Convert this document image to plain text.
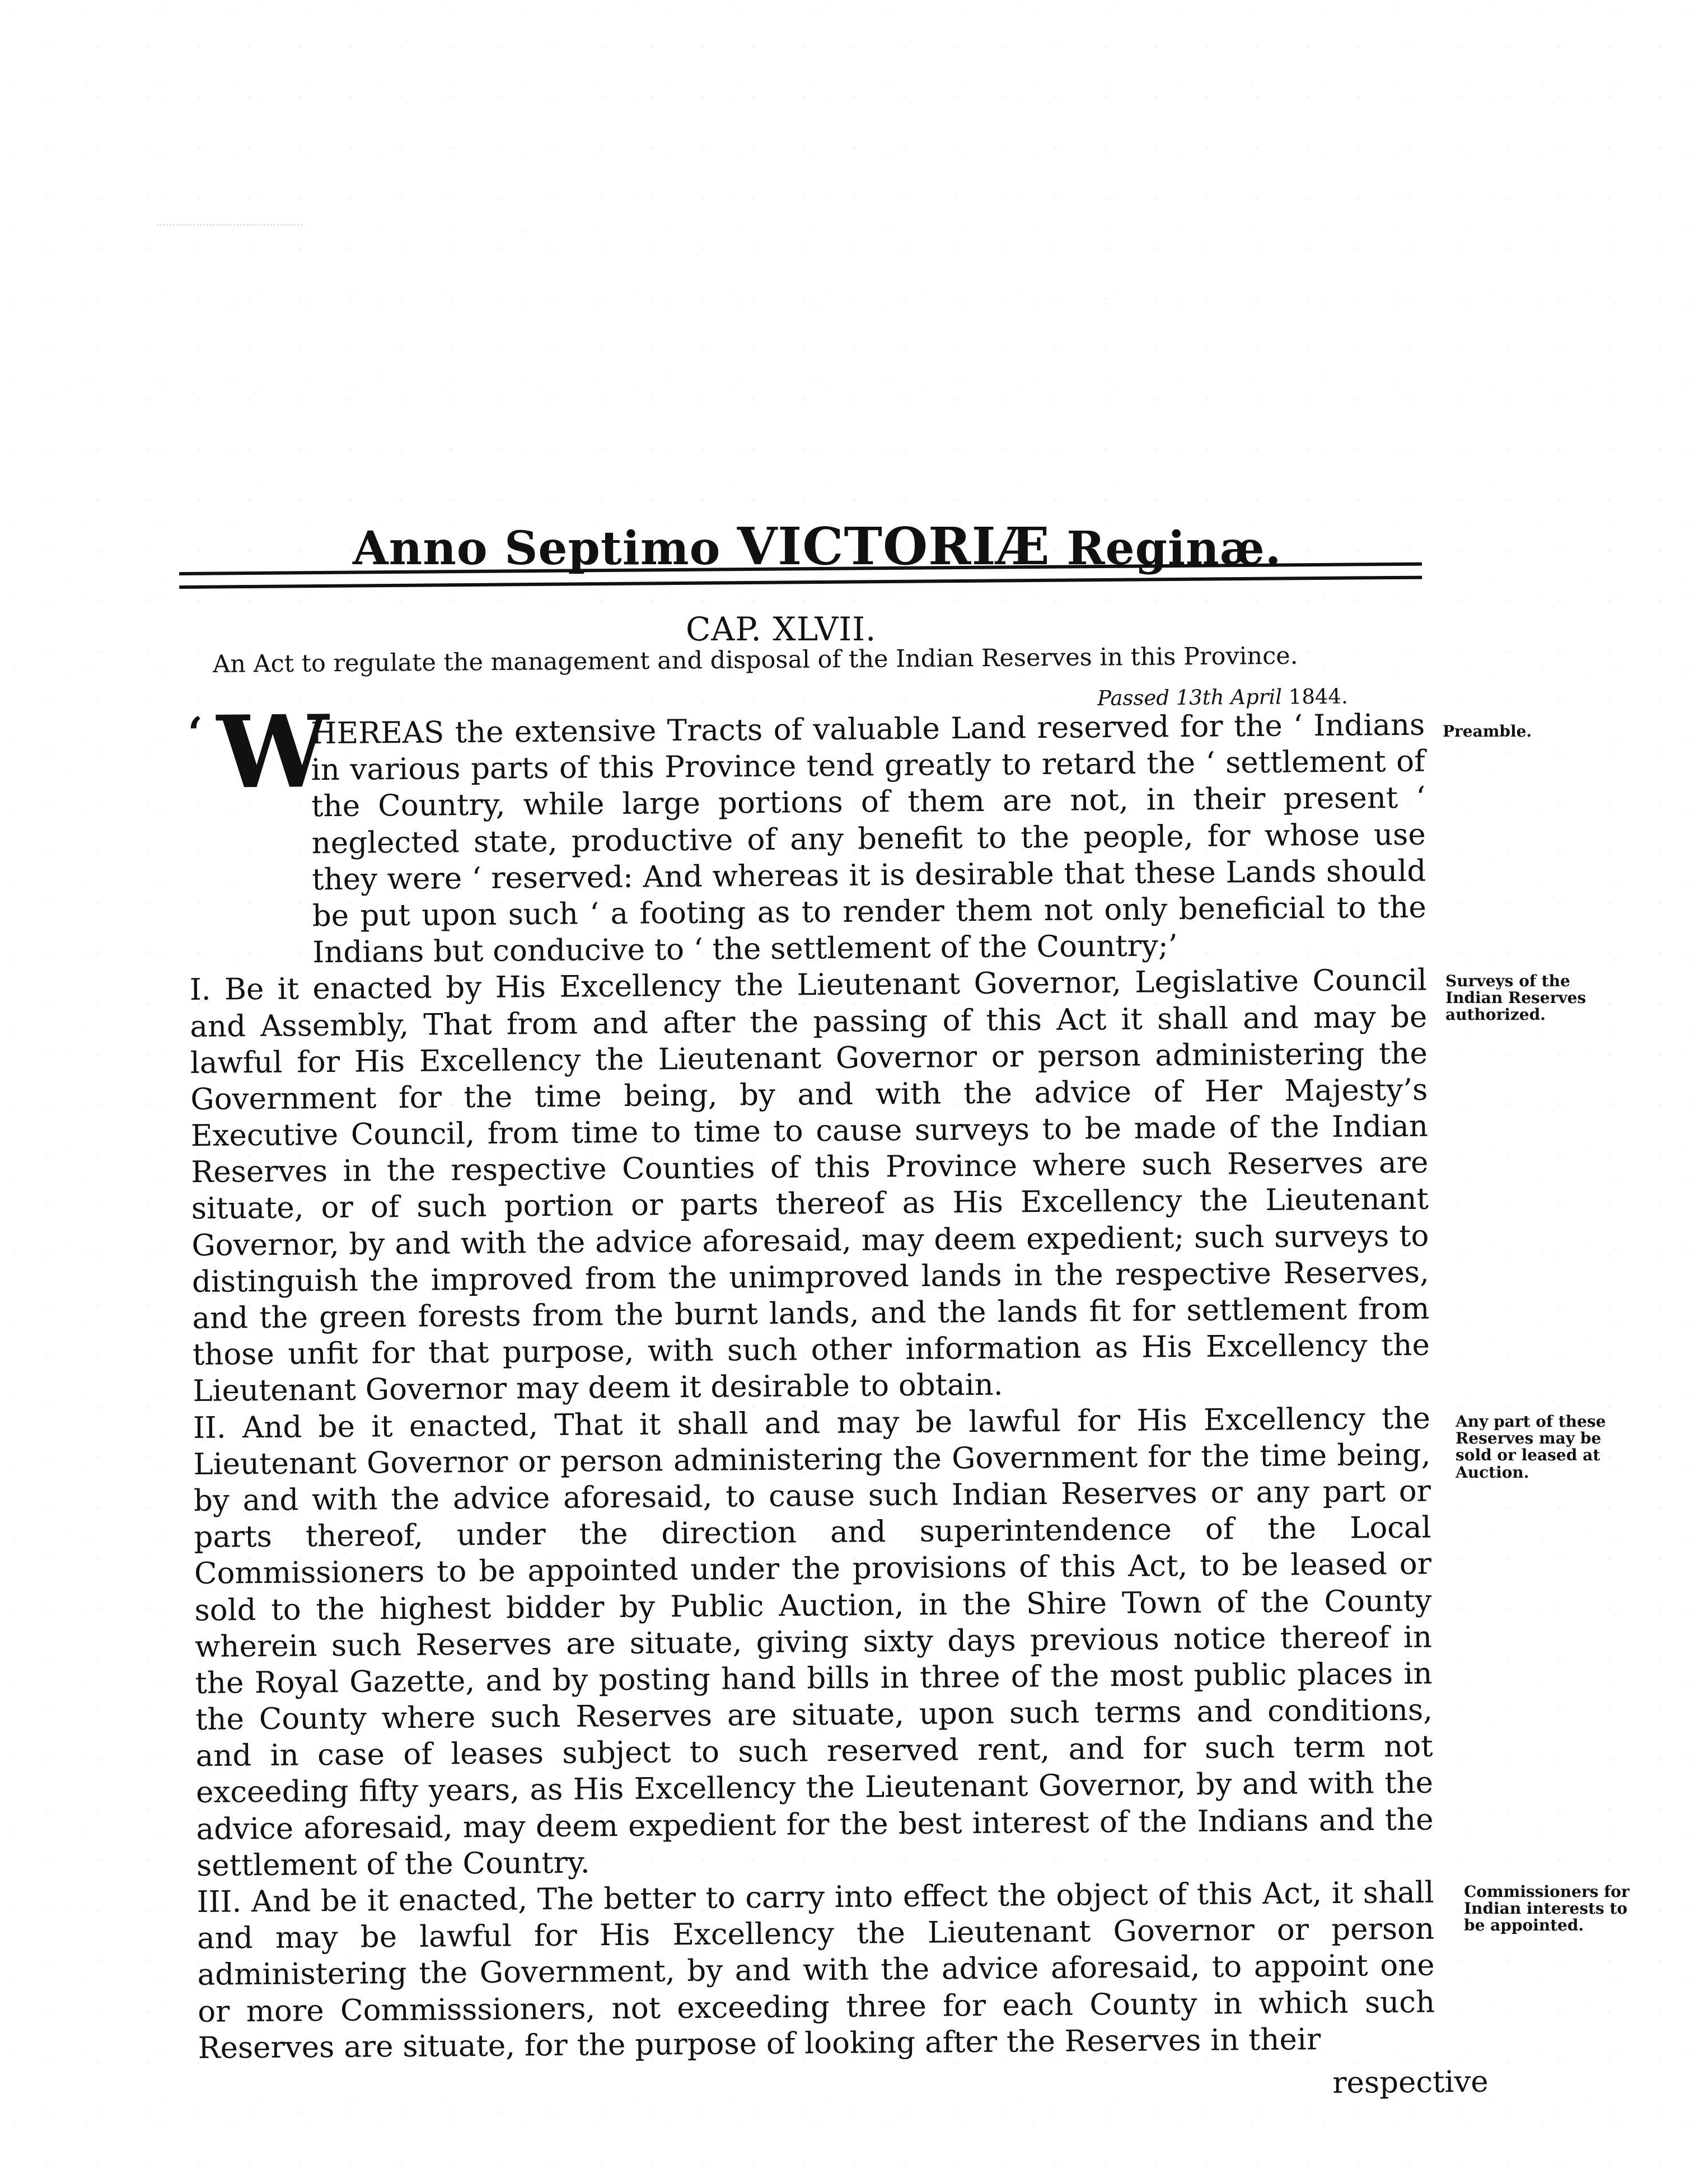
Anno Septimo VICTORIÆ Reginæ.
CAP. XLVII.
An Act to regulate the management and disposal of the Indian Reserves in this Province.
Passed 13th April 1844.

‘ W
HEREAS the extensive Tracts of valuable Land reserved for the ‘ Indians in various parts of this Province tend greatly to retard the ‘ settlement of the Country, while large portions of them are not, in their present ‘ neglected state, productive of any benefit to the people, for whose use they were ‘ reserved: And whereas it is desirable that these Lands should be put upon such ‘ a footing as to render them not only beneficial to the Indians but conducive to ‘ the settlement of the Country;’

I. Be it enacted by His Excellency the Lieutenant Governor, Legislative Council and Assembly, That from and after the passing of this Act it shall and may be lawful for His Excellency the Lieutenant Governor or person administering the Government for the time being, by and with the advice of Her Majesty’s Executive Council, from time to time to cause surveys to be made of the Indian Reserves in the respective Counties of this Province where such Reserves are situate, or of such portion or parts thereof as His Excellency the Lieutenant Governor, by and with the advice aforesaid, may deem expedient; such surveys to distinguish the improved from the unimproved lands in the respective Reserves, and the green forests from the burnt lands, and the lands fit for settlement from those unfit for that purpose, with such other information as His Excellency the Lieutenant Governor may deem it desirable to obtain.

II. And be it enacted, That it shall and may be lawful for His Excellency the Lieutenant Governor or person administering the Government for the time being, by and with the advice aforesaid, to cause such Indian Reserves or any part or parts thereof, under the direction and superintendence of the Local Commissioners to be appointed under the provisions of this Act, to be leased or sold to the highest bidder by Public Auction, in the Shire Town of the County wherein such Reserves are situate, giving sixty days previous notice thereof in the Royal Gazette, and by posting hand bills in three of the most public places in the County where such Reserves are situate, upon such terms and conditions, and in case of leases subject to such reserved rent, and for such term not exceeding fifty years, as His Excellency the Lieutenant Governor, by and with the advice aforesaid, may deem expedient for the best interest of the Indians and the settlement of the Country.

III. And be it enacted, The better to carry into effect the object of this Act, it shall and may be lawful for His Excellency the Lieutenant Governor or person administering the Government, by and with the advice aforesaid, to appoint one or more Commisssioners, not exceeding three for each County in which such Reserves are situate, for the purpose of looking after the Reserves in their

respective
Preamble.
Surveys of the
Indian Reserves
authorized.
Any part of these
Reserves may be
sold or leased at
Auction.
Commissioners for
Indian interests to
be appointed.
